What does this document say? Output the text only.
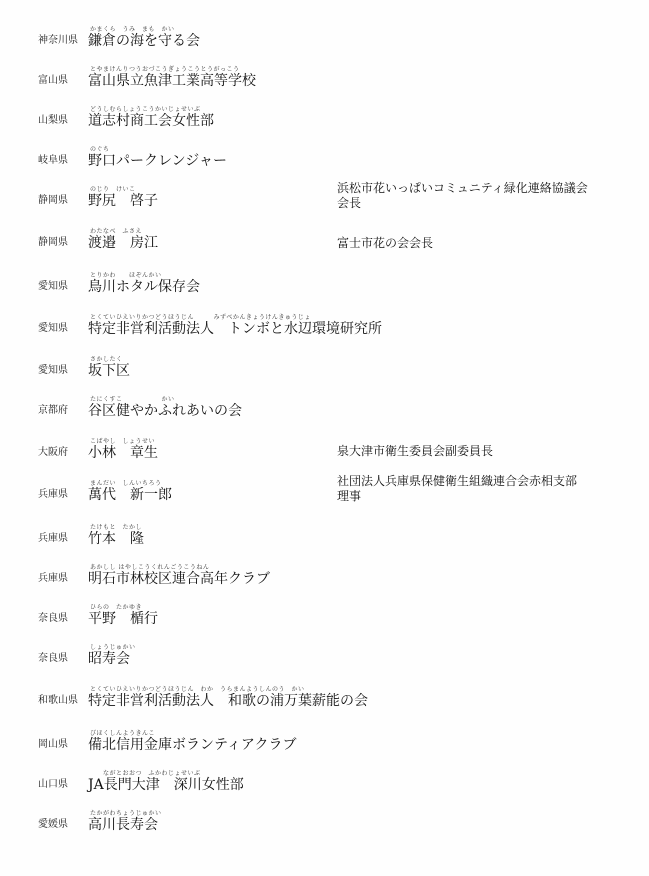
神奈川県
かまくら　うみ　まも　かい
鎌倉の海を守る会
富山県
とやまけんりつうおづこうぎょうこうとうがっこう
富山県立魚津工業高等学校
山梨県
どうしむらしょうこうかいじょせいぶ
道志村商工会女性部
岐阜県
のぐち
野口パークレンジャー
静岡県
のじり　けいこ
野尻　啓子
浜松市花いっぱいコミュニティ緑化連絡協議会
会長
静岡県
わたなべ　ふさえ
渡邉　房江	富士市花の会会長
愛知県
とりかわ　　ほぞんかい
鳥川ホタル保存会
愛知県
とくていひえいりかつどうほうじん　　　みずべかんきょうけんきゅうじょ
特定非営利活動法人　トンボと水辺環境研究所
愛知県
さかしたく
坂下区
京都府
たにくすこ　　　　　　かい
谷区健やかふれあいの会
大阪府
こばやし　しょうせい
小林　章生	泉大津市衛生委員会副委員長
兵庫県
まんだい　しんいちろう
萬代　新一郎
社団法人兵庫県保健衛生組織連合会赤相支部
理事
兵庫県
たけもと　たかし
竹本　隆
兵庫県
あかしし はやしこうくれんごうこうねん
明石市林校区連合高年クラブ
奈良県
ひらの　たかゆき
平野　楯行
奈良県
しょうじゅかい
昭寿会
和歌山県
とくていひえいりかつどうほうじん　わか　うらまんようしんのう　かい
特定非営利活動法人　和歌の浦万葉薪能の会
岡山県
びほくしんようきんこ
備北信用金庫ボランティアクラブ
山口県
　　ながとおおつ　ふかわじょせいぶ
JA長門大津　深川女性部
愛媛県
たかがわちょうじゅかい
高川長寿会
